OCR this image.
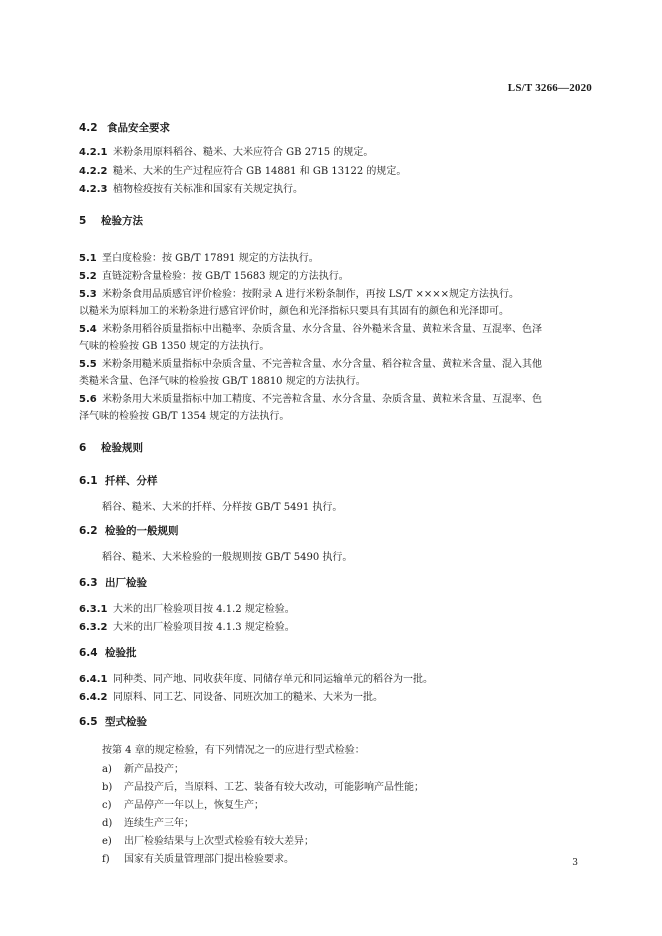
LS/T 3266—2020
4.2 食品安全要求
4.2.1 米粉条用原料稻谷、糙米、大米应符合 GB 2715 的规定。
4.2.2 糙米、大米的生产过程应符合 GB 14881 和 GB 13122 的规定。
4.2.3 植物检疫按有关标准和国家有关规定执行。
5 检验方法
5.1 垩白度检验：按 GB/T 17891 规定的方法执行。
5.2 直链淀粉含量检验：按 GB/T 15683 规定的方法执行。
5.3 米粉条食用品质感官评价检验：按附录 A 进行米粉条制作，再按 LS/T ××××规定方法执行。
以糙米为原料加工的米粉条进行感官评价时，颜色和光泽指标只要具有其固有的颜色和光泽即可。
5.4 米粉条用稻谷质量指标中出糙率、杂质含量、水分含量、谷外糙米含量、黄粒米含量、互混率、色泽
气味的检验按 GB 1350 规定的方法执行。
5.5 米粉条用糙米质量指标中杂质含量、不完善粒含量、水分含量、稻谷粒含量、黄粒米含量、混入其他
类糙米含量、色泽气味的检验按 GB/T 18810 规定的方法执行。
5.6 米粉条用大米质量指标中加工精度、不完善粒含量、水分含量、杂质含量、黄粒米含量、互混率、色
泽气味的检验按 GB/T 1354 规定的方法执行。
6 检验规则
6.1 扦样、分样
稻谷、糙米、大米的扦样、分样按 GB/T 5491 执行。
6.2 检验的一般规则
稻谷、糙米、大米检验的一般规则按 GB/T 5490 执行。
6.3 出厂检验
6.3.1 大米的出厂检验项目按 4.1.2 规定检验。
6.3.2 大米的出厂检验项目按 4.1.3 规定检验。
6.4 检验批
6.4.1 同种类、同产地、同收获年度、同储存单元和同运输单元的稻谷为一批。
6.4.2 同原料、同工艺、同设备、同班次加工的糙米、大米为一批。
6.5 型式检验
按第 4 章的规定检验，有下列情况之一的应进行型式检验：
a) 新产品投产；
b) 产品投产后，当原料、工艺、装备有较大改动，可能影响产品性能；
c) 产品停产一年以上，恢复生产；
d) 连续生产三年；
e) 出厂检验结果与上次型式检验有较大差异；
f) 国家有关质量管理部门提出检验要求。	3
